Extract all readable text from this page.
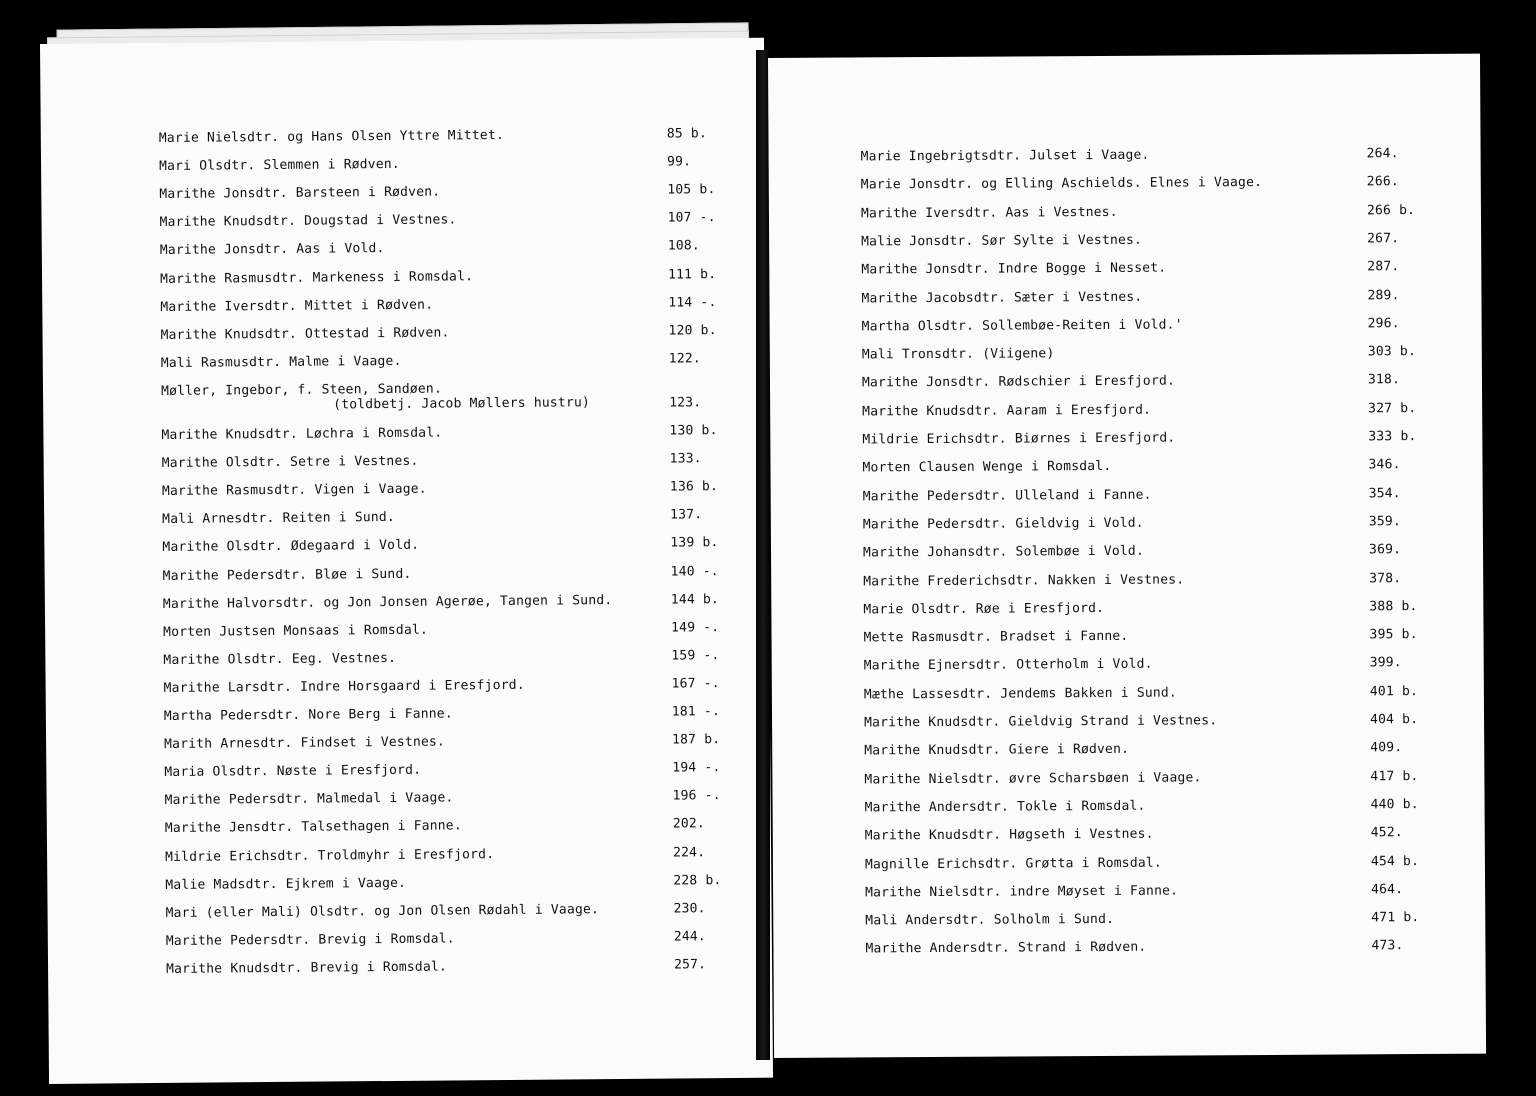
Marie Nielsdtr. og Hans Olsen Yttre Mittet.	85 b.
Mari Olsdtr. Slemmen i Rødven.	99.
Marithe Jonsdtr. Barsteen i Rødven.	105 b.
Marithe Knudsdtr. Dougstad i Vestnes.	107 -.
Marithe Jonsdtr. Aas i Vold.	108.
Marithe Rasmusdtr. Markeness i Romsdal.	111 b.
Marithe Iversdtr. Mittet i Rødven.	114 -.
Marithe Knudsdtr. Ottestad i Rødven.	120 b.
Mali Rasmusdtr. Malme i Vaage.	122.
Møller, Ingebor, f. Steen, Sandøen.
(toldbetj. Jacob Møllers hustru)	123.
Marithe Knudsdtr. Løchra i Romsdal.	130 b.
Marithe Olsdtr. Setre i Vestnes.	133.
Marithe Rasmusdtr. Vigen i Vaage.	136 b.
Mali Arnesdtr. Reiten i Sund.	137.
Marithe Olsdtr. Ødegaard i Vold.	139 b.
Marithe Pedersdtr. Bløe i Sund.	140 -.
Marithe Halvorsdtr. og Jon Jonsen Agerøe, Tangen i Sund.	144 b.
Morten Justsen Monsaas i Romsdal.	149 -.
Marithe Olsdtr. Eeg. Vestnes.	159 -.
Marithe Larsdtr. Indre Horsgaard i Eresfjord.	167 -.
Martha Pedersdtr. Nore Berg i Fanne.	181 -.
Marith Arnesdtr. Findset i Vestnes.	187 b.
Maria Olsdtr. Nøste i Eresfjord.	194 -.
Marithe Pedersdtr. Malmedal i Vaage.	196 -.
Marithe Jensdtr. Talsethagen i Fanne.	202.
Mildrie Erichsdtr. Troldmyhr i Eresfjord.	224.
Malie Madsdtr. Ejkrem i Vaage.	228 b.
Mari (eller Mali) Olsdtr. og Jon Olsen Rødahl i Vaage.	230.
Marithe Pedersdtr. Brevig i Romsdal.	244.
Marithe Knudsdtr. Brevig i Romsdal.	257.
Marie Ingebrigtsdtr. Julset i Vaage.	264.
Marie Jonsdtr. og Elling Aschields. Elnes i Vaage.	266.
Marithe Iversdtr. Aas i Vestnes.	266 b.
Malie Jonsdtr. Sør Sylte i Vestnes.	267.
Marithe Jonsdtr. Indre Bogge i Nesset.	287.
Marithe Jacobsdtr. Sæter i Vestnes.	289.
Martha Olsdtr. Sollembøe-Reiten i Vold.'	296.
Mali Tronsdtr. (Viigene)	303 b.
Marithe Jonsdtr. Rødschier i Eresfjord.	318.
Marithe Knudsdtr. Aaram i Eresfjord.	327 b.
Mildrie Erichsdtr. Biørnes i Eresfjord.	333 b.
Morten Clausen Wenge i Romsdal.	346.
Marithe Pedersdtr. Ulleland i Fanne.	354.
Marithe Pedersdtr. Gieldvig i Vold.	359.
Marithe Johansdtr. Solembøe i Vold.	369.
Marithe Frederichsdtr. Nakken i Vestnes.	378.
Marie Olsdtr. Røe i Eresfjord.	388 b.
Mette Rasmusdtr. Bradset i Fanne.	395 b.
Marithe Ejnersdtr. Otterholm i Vold.	399.
Mæthe Lassesdtr. Jendems Bakken i Sund.	401 b.
Marithe Knudsdtr. Gieldvig Strand i Vestnes.	404 b.
Marithe Knudsdtr. Giere i Rødven.	409.
Marithe Nielsdtr. øvre Scharsbøen i Vaage.	417 b.
Marithe Andersdtr. Tokle i Romsdal.	440 b.
Marithe Knudsdtr. Høgseth i Vestnes.	452.
Magnille Erichsdtr. Grøtta i Romsdal.	454 b.
Marithe Nielsdtr. indre Møyset i Fanne.	464.
Mali Andersdtr. Solholm i Sund.	471 b.
Marithe Andersdtr. Strand i Rødven.	473.
’
